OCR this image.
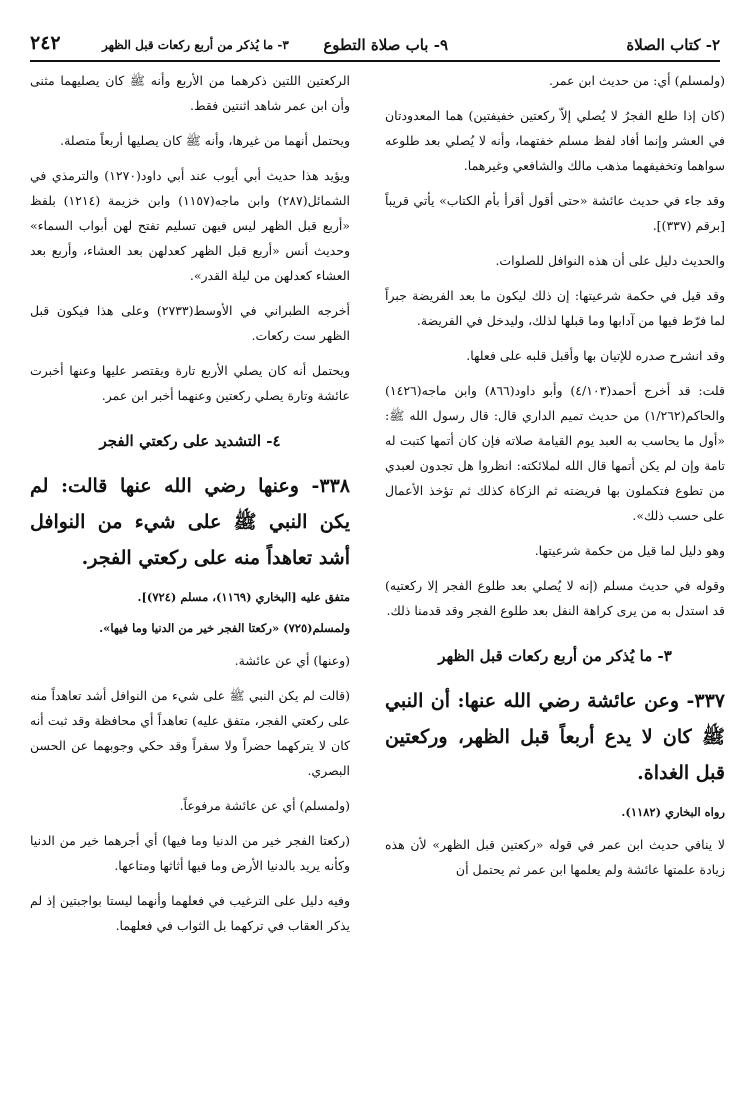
٢- كتاب الصلاة
٩- باب صلاة التطوع
٣- ما يُذكر من أربع ركعات قبل الظهر
٢٤٢

(ولمسلم) أي: من حديث ابن عمر.

(كان إذا طلع الفجرُ لا يُصلي إلاّ ركعتين خفيفتين) هما المعدودتان في العشر وإنما أفاد لفظ مسلم خفتهما، وأنه لا يُصلي بعد طلوعه سواهما وتخفيفهما مذهب مالك والشافعي وغيرهما.

وقد جاء في حديث عائشة «حتى أقول أقرأ بأم الكتاب» يأتي قريباً [برقم (٣٣٧)].

والحديث دليل على أن هذه النوافل للصلوات.

وقد قيل في حكمة شرعيتها: إن ذلك ليكون ما بعد الفريضة جبراً لما فرّط فيها من آدابها وما قبلها لذلك، وليدخل في الفريضة.

وقد انشرح صدره للإتيان بها وأقبل قلبه على فعلها.

قلت: قد أخرج أحمد(٤/١٠٣) وأبو داود(٨٦٦) وابن ماجه(١٤٢٦) والحاكم(١/٢٦٢) من حديث تميم الداري قال: قال رسول الله ﷺ: «أول ما يحاسب به العبد يوم القيامة صلاته فإن كان أتمها كتبت له تامة وإن لم يكن أتمها قال الله لملائكته: انظروا هل تجدون لعبدي من تطوع فتكملون بها فريضته ثم الزكاة كذلك ثم تؤخذ الأعمال على حسب ذلك».

وهو دليل لما قيل من حكمة شرعيتها.

وقوله في حديث مسلم (إنه لا يُصلي بعد طلوع الفجر إلا ركعتيه) قد استدل به من يرى كراهة النفل بعد طلوع الفجر وقد قدمنا ذلك.

٣- ما يُذكر من أربع ركعات قبل الظهر

٣٣٧- وعن عائشة رضي الله عنها: أن النبي ﷺ كان لا يدع أربعاً قبل الظهر، وركعتين قبل الغداة.

رواه البخاري (١١٨٢).

لا ينافي حديث ابن عمر في قوله «ركعتين قبل الظهر» لأن هذه زيادة علمتها عائشة ولم يعلمها ابن عمر ثم يحتمل أن

الركعتين اللتين ذكرهما من الأربع وأنه ﷺ كان يصليهما مثنى وأن ابن عمر شاهد اثنتين فقط.

ويحتمل أنهما من غيرها، وأنه ﷺ كان يصليها أربعاً متصلة.

ويؤيد هذا حديث أبي أيوب عند أبي داود(١٢٧٠) والترمذي في الشمائل(٢٨٧) وابن ماجه(١١٥٧) وابن خزيمة (١٢١٤) بلفظ «أربع قبل الظهر ليس فيهن تسليم تفتح لهن أبواب السماء» وحديث أنس «أربع قبل الظهر كعدلهن بعد العشاء، وأربع بعد العشاء كعدلهن من ليلة القدر».

أخرجه الطبراني في الأوسط(٢٧٣٣) وعلى هذا فيكون قبل الظهر ست ركعات.

ويحتمل أنه كان يصلي الأربع تارة ويقتصر عليها وعنها أخبرت عائشة وتارة يصلي ركعتين وعنهما أخبر ابن عمر.

٤- التشديد على ركعتي الفجر

٣٣٨- وعنها رضي الله عنها قالت: لم يكن النبي ﷺ على شيء من النوافل أشد تعاهداً منه على ركعتي الفجر.

متفق عليه [البخاري (١١٦٩)، مسلم (٧٢٤)].

ولمسلم(٧٢٥) «ركعتا الفجر خير من الدنيا وما فيها».

(وعنها) أي عن عائشة.

(قالت لم يكن النبي ﷺ على شيء من النوافل أشد تعاهداً منه على ركعتي الفجر، متفق عليه) تعاهداً أي محافظة وقد ثبت أنه كان لا يتركهما حضراً ولا سفراً وقد حكي وجوبهما عن الحسن البصري.

(ولمسلم) أي عن عائشة مرفوعاً.

(ركعتا الفجر خير من الدنيا وما فيها) أي أجرهما خير من الدنيا وكأنه يريد بالدنيا الأرض وما فيها أثاثها ومتاعها.

وفيه دليل على الترغيب في فعلهما وأنهما ليستا بواجبتين إذ لم يذكر العقاب في تركهما بل الثواب في فعلهما.
